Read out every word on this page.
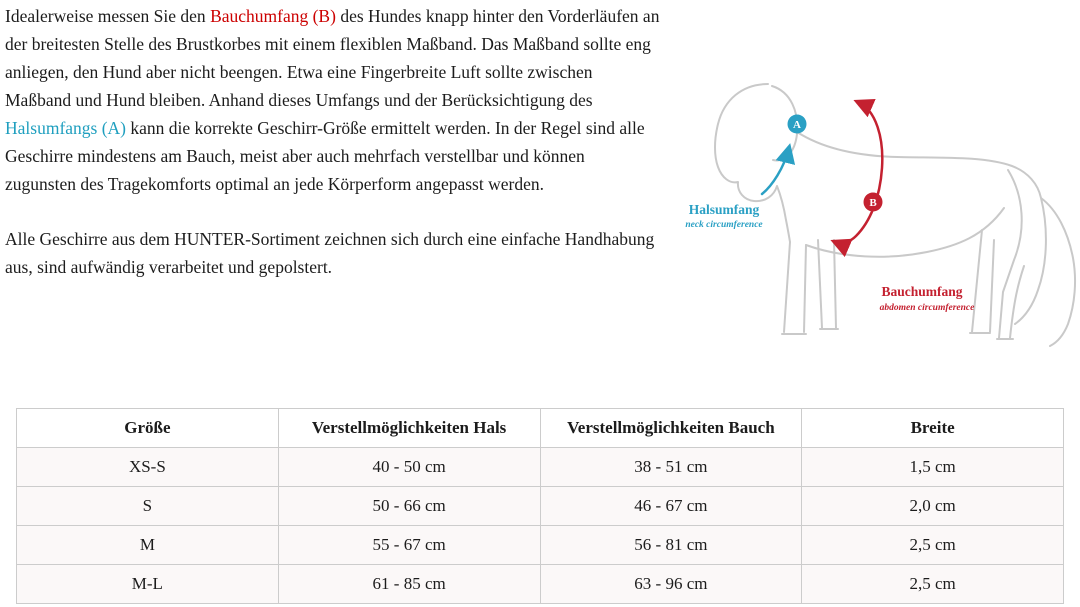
Idealerweise messen Sie den Bauchumfang (B) des Hundes knapp hinter den Vorderläufen an der breitesten Stelle des Brustkorbes mit einem flexiblen Maßband. Das Maßband sollte eng anliegen, den Hund aber nicht beengen. Etwa eine Fingerbreite Luft sollte zwischen Maßband und Hund bleiben. Anhand dieses Umfangs und der Berücksichtigung des Halsumfangs (A) kann die korrekte Geschirr-Größe ermittelt werden. In der Regel sind alle Geschirre mindestens am Bauch, meist aber auch mehrfach verstellbar und können zugunsten des Tragekomforts optimal an jede Körperform angepasst werden.

Alle Geschirre aus dem HUNTER-Sortiment zeichnen sich durch eine einfache Handhabung aus, sind aufwändig verarbeitet und gepolstert.

A
Halsumfang
neck circumference
B
Bauchumfang
abdomen circumference
Größe	Verstellmöglichkeiten Hals	Verstellmöglichkeiten Bauch	Breite
XS-S	40 - 50 cm	38 - 51 cm	1,5 cm
S	50 - 66 cm	46 - 67 cm	2,0 cm
M	55 - 67 cm	56 - 81 cm	2,5 cm
M-L	61 - 85 cm	63 - 96 cm	2,5 cm
